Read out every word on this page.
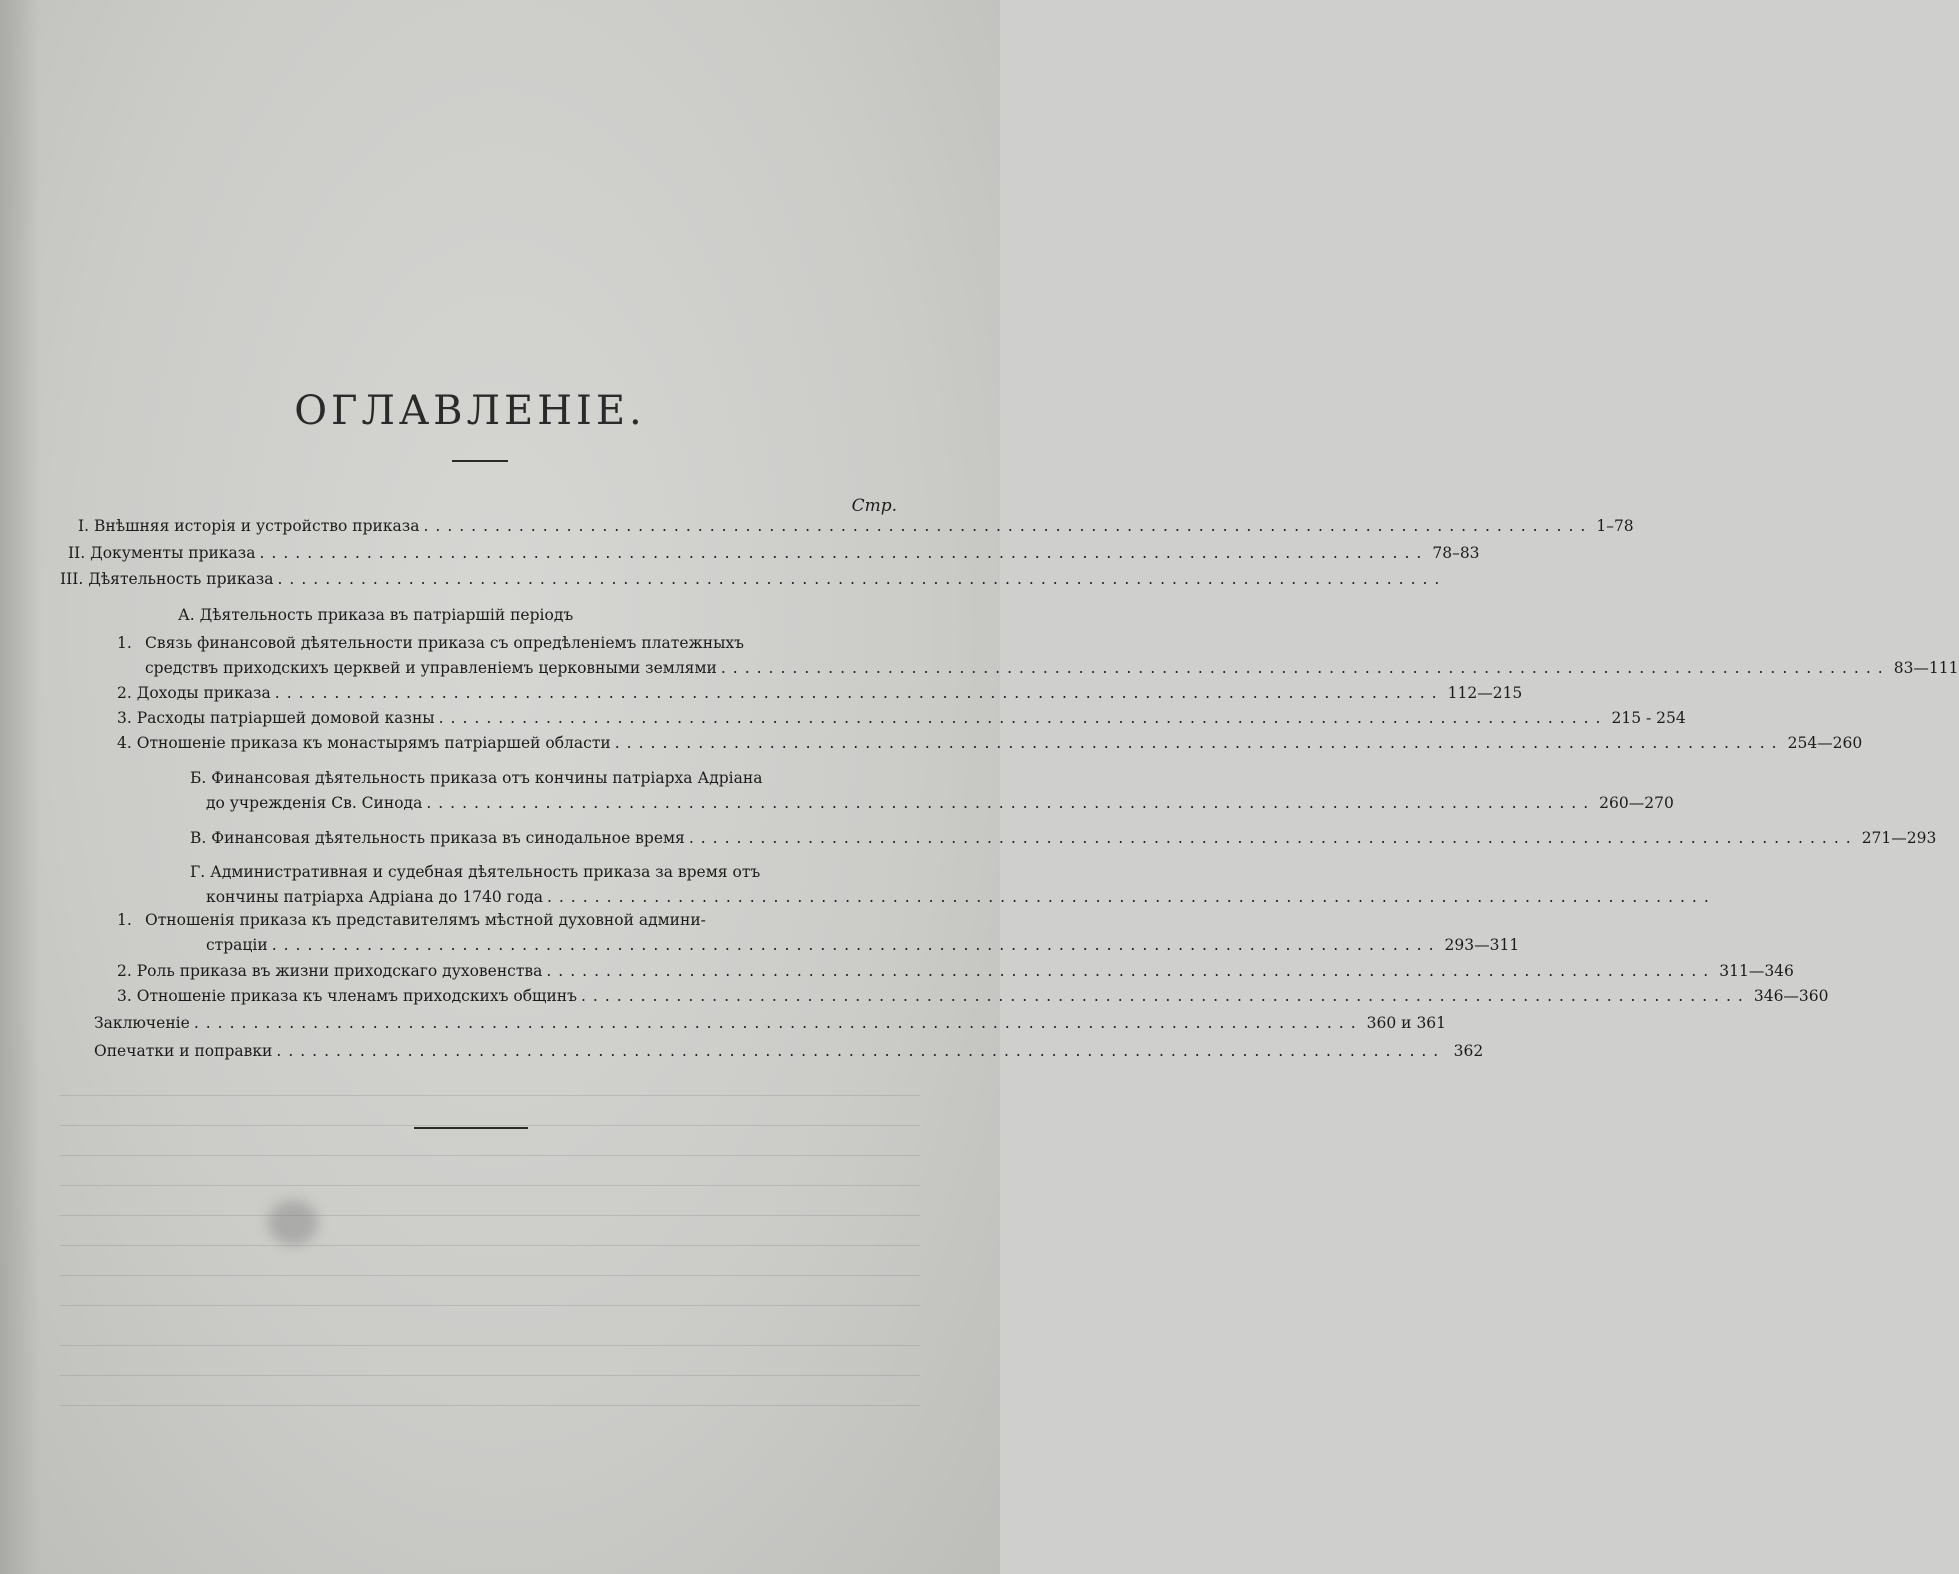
ОГЛАВЛЕНІЕ.
Стр.
I.
Внѣшняя исторія и устройство приказа .................................................................................................. 1–78
II.
Документы приказа .................................................................................................. 78–83
III.
Дѣятельность приказа ..................................................................................................
А. Дѣятельность приказа въ патріаршій періодъ
1. Связь финансовой дѣятельности приказа съ опредѣленіемъ платежныхъ
средствъ приходскихъ церквей и управленіемъ церковными землями .................................................................................................. 83—111
2.
Доходы приказа .................................................................................................. 112—215
3.
Расходы патріаршей домовой казны .................................................................................................. 215 - 254
4.
Отношеніе приказа къ монастырямъ патріаршей области .................................................................................................. 254—260
Б. Финансовая дѣятельность приказа отъ кончины патріарха Адріана
до учрежденія Св. Синода .................................................................................................. 260—270
В. Финансовая дѣятельность приказа въ синодальное время .................................................................................................. 271—293
Г. Административная и судебная дѣятельность приказа за время отъ
кончины патріарха Адріана до 1740 года ..................................................................................................
1. Отношенія приказа къ представителямъ мѣстной духовной админи-
страціи .................................................................................................. 293—311
2.
Роль приказа въ жизни приходскаго духовенства .................................................................................................. 311—346
3.
Отношеніе приказа къ членамъ приходскихъ общинъ .................................................................................................. 346—360
Заключеніе .................................................................................................. 360 и 361
Опечатки и поправки .................................................................................................. 362
